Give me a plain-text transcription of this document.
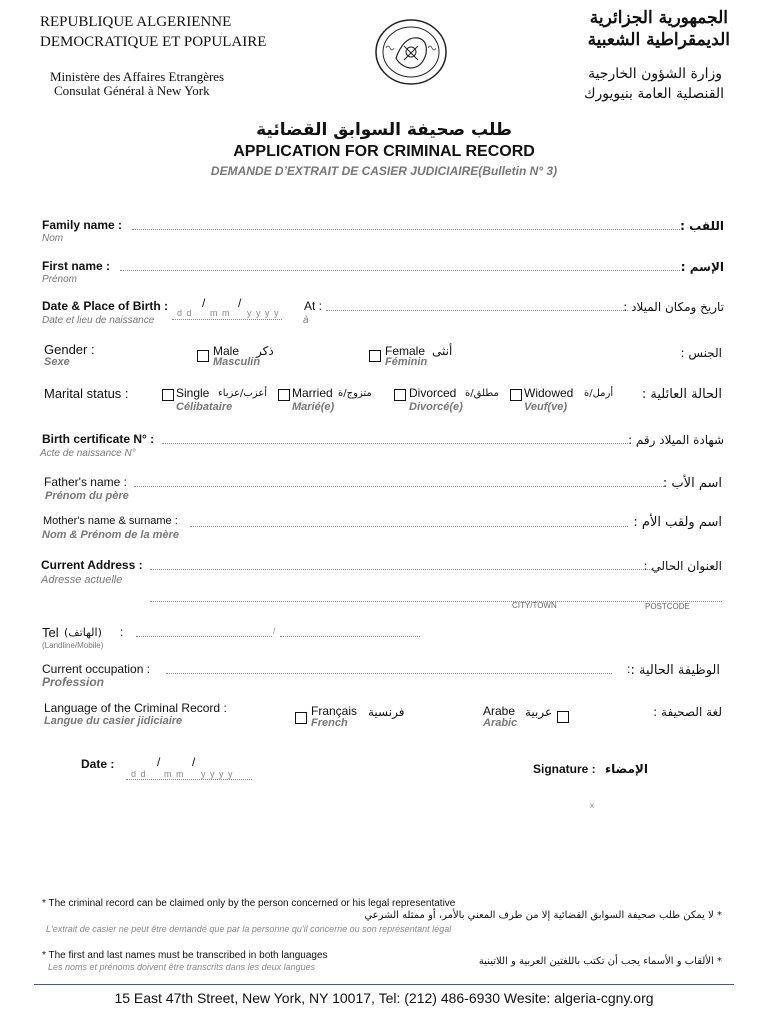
REPUBLIQUE ALGERIENNE
DEMOCRATIQUE ET POPULAIRE
Ministère des Affaires Etrangères
Consulat Général à New York
الجمهورية الجزائرية
الديمقراطية الشعبية
وزارة الشؤون الخارجية
القنصلية العامة بنيويورك
طلب صحيفة السوابق القضائية
APPLICATION FOR CRIMINAL RECORD
DEMANDE D’EXTRAIT DE CASIER JUDICIAIRE(Bulletin N° 3)
Family name :
Nom
اللقب :
First name :
Prénom
الإسم :
Date & Place of Birth :
Date et lieu de naissance
d d
/
m m
/
y y y y At :
à
تاريخ ومكان الميلاد :
Gender :
Sexe
Male ذكر
Masculin
Female أنثى
Féminin
الجنس :
Marital status :	Single أعزب/عزباء
Célibataire
Married متزوج/ة
Marié(e)
Divorced مطلق/ة
Divorcé(e)
Widowed أرمل/ة
Veuf(ve)
الحالة العائلية :
Birth certificate N° :
Acte de naissance N°
شهادة الميلاد رقم :
Father's name :
Prénom du père
اسم الأب :
Mother's name & surname :
Nom & Prénom de la mère
اسم ولقب الأم :
Current Address :
Adresse actuelle
العنوان الحالي :
CITY/TOWN	POSTCODE
Tel (الهاتف) :
(Landline/Mobile)
/
Current occupation :
Profession
: الوظيفة الحالية :
Language of the Criminal Record :
Langue du casier jidiciaire
Français فرنسية
French
Arabe عربية
Arabic
لغة الصحيفة :
Date :
d d
/
m m
/
y y y y	Signature : الإمضاء
x
* The criminal record can be claimed only by the person concerned or his legal representative
* لا يمكن طلب صحيفة السوابق القضائية إلا من طرف المعني بالأمر، أو ممثله الشرعي
L'extrait de casier ne peut être demandé que par la personne qu'il concerne ou son représentant légal
* The first and last names must be transcribed in both languages
Les noms et prénoms doivent être transcrits dans les deux langues	* الألقاب و الأسماء يجب أن تكتب باللغتين العربية و اللاتينية
15 East 47th Street, New York, NY 10017, Tel: (212) 486-6930 Wesite: algeria-cgny.org
